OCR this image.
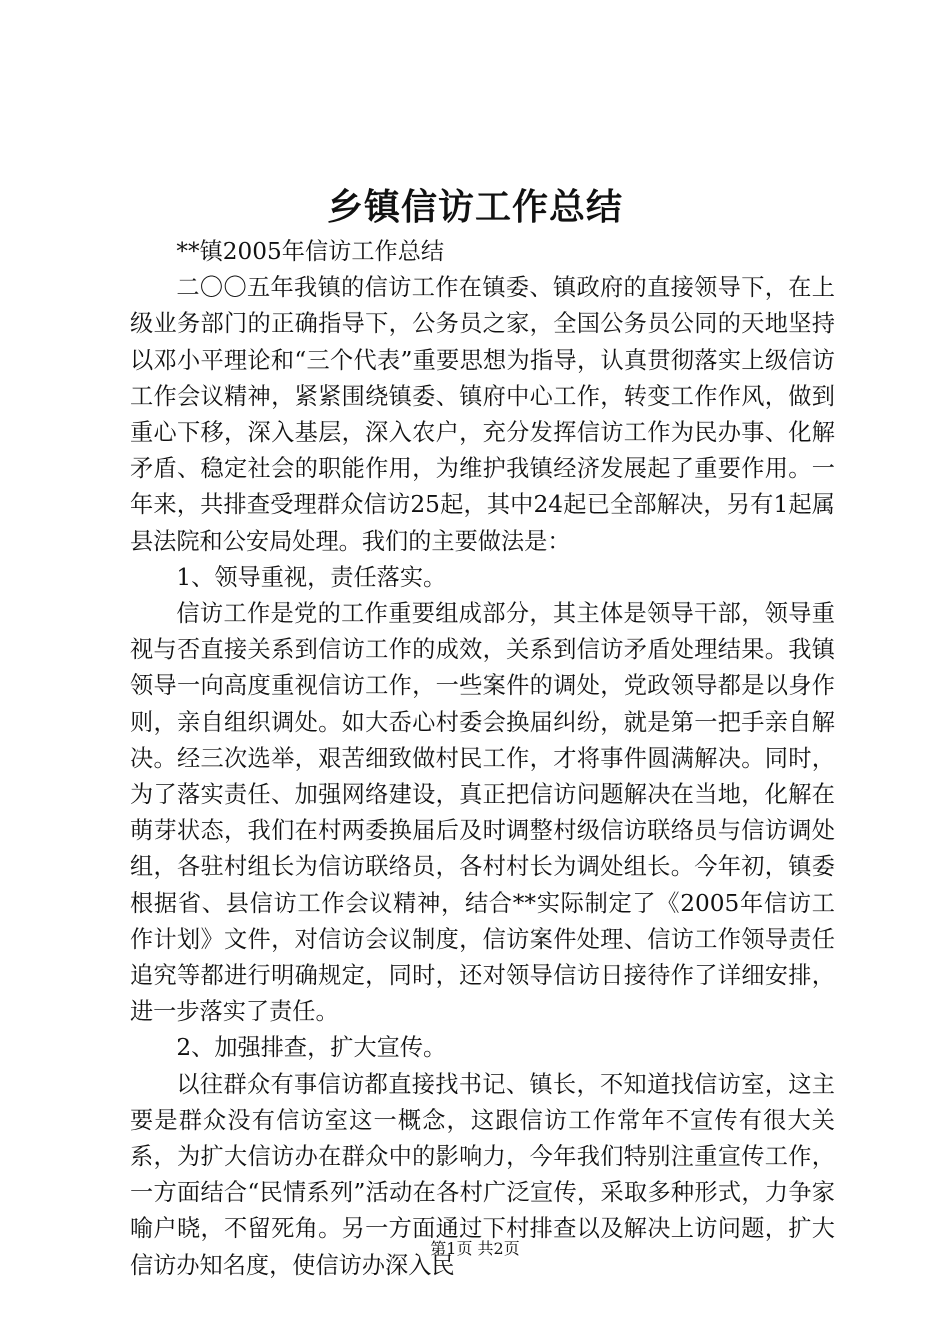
乡镇信访工作总结

**镇2005年信访工作总结

二〇〇五年我镇的信访工作在镇委、镇政府的直接领导下，在上级业务部门的正确指导下，公务员之家，全国公务员公同的天地坚持以邓小平理论和“三个代表”重要思想为指导，认真贯彻落实上级信访工作会议精神，紧紧围绕镇委、镇府中心工作，转变工作作风，做到重心下移，深入基层，深入农户，充分发挥信访工作为民办事、化解矛盾、稳定社会的职能作用，为维护我镇经济发展起了重要作用。一年来，共排查受理群众信访25起，其中24起已全部解决，另有1起属县法院和公安局处理。我们的主要做法是：

1、领导重视，责任落实。

信访工作是党的工作重要组成部分，其主体是领导干部，领导重视与否直接关系到信访工作的成效，关系到信访矛盾处理结果。我镇领导一向高度重视信访工作，一些案件的调处，党政领导都是以身作则，亲自组织调处。如大岙心村委会换届纠纷，就是第一把手亲自解决。经三次选举，艰苦细致做村民工作，才将事件圆满解决。同时，为了落实责任、加强网络建设，真正把信访问题解决在当地，化解在萌芽状态，我们在村两委换届后及时调整村级信访联络员与信访调处组，各驻村组长为信访联络员，各村村长为调处组长。今年初，镇委根据省、县信访工作会议精神，结合**实际制定了《2005年信访工作计划》文件，对信访会议制度，信访案件处理、信访工作领导责任追究等都进行明确规定，同时，还对领导信访日接待作了详细安排，进一步落实了责任。

2、加强排查，扩大宣传。

以往群众有事信访都直接找书记、镇长，不知道找信访室，这主要是群众没有信访室这一概念，这跟信访工作常年不宣传有很大关系，为扩大信访办在群众中的影响力，今年我们特别注重宣传工作，一方面结合“民情系列”活动在各村广泛宣传，采取多种形式，力争家喻户晓，不留死角。另一方面通过下村排查以及解决上访问题，扩大信访办知名度，使信访办深入民

第1页 共2页
